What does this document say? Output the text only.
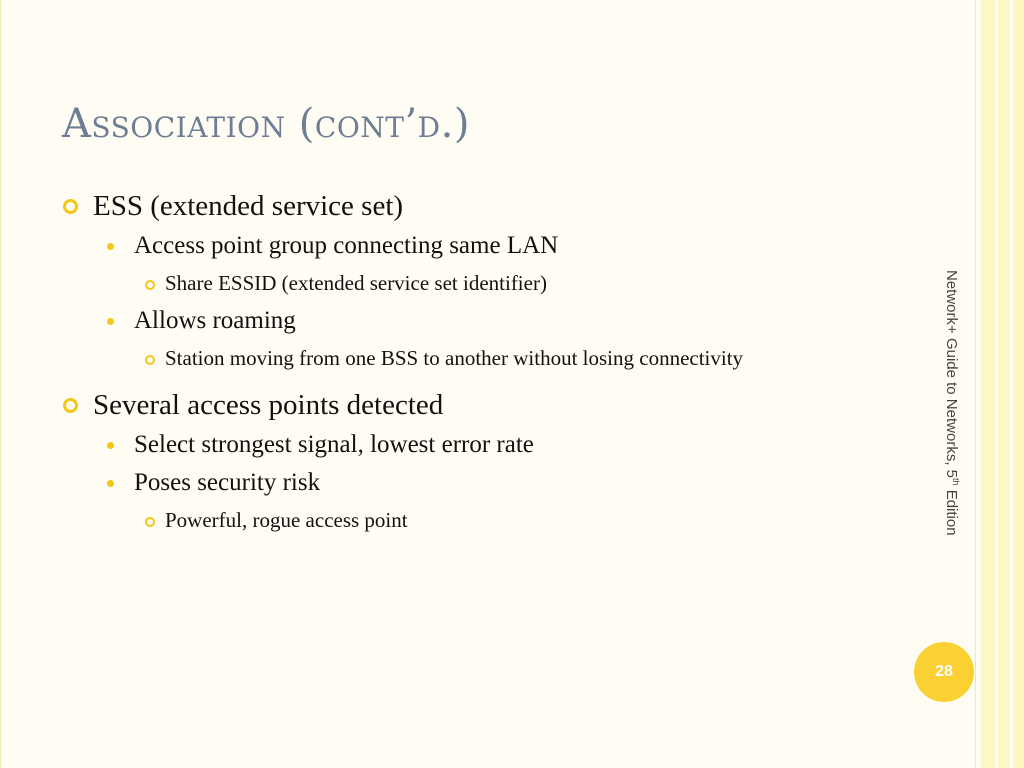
Association (cont’d.)
ESS (extended service set)
Access point group connecting same LAN
Share ESSID (extended service set identifier)
Allows roaming
Station moving from one BSS to another without losing connectivity
Several access points detected
Select strongest signal, lowest error rate
Poses security risk
Powerful, rogue access point
Network+ Guide to Networks, 5th Edition
28
